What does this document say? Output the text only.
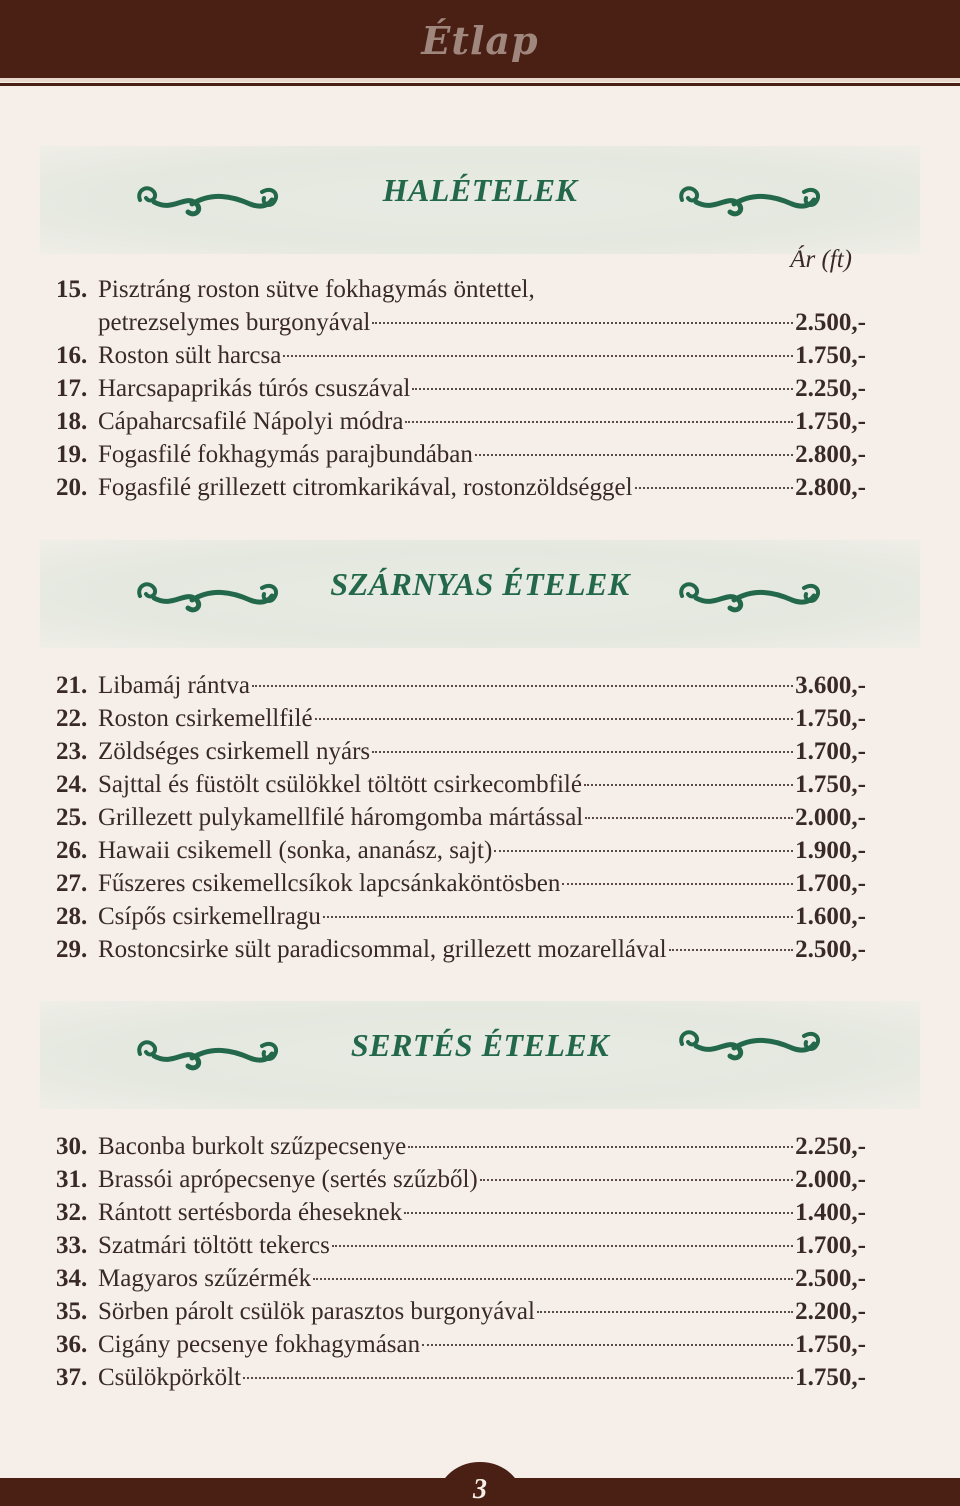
Étlap
HALÉTELEK
Ár (ft)
15. Pisztráng roston sütve fokhagymás öntettel,
petrezselymes burgonyával	2.500,-
16. Roston sült harcsa	1.750,-
17. Harcsapaprikás túrós csuszával	2.250,-
18. Cápaharcsafilé Nápolyi módra	1.750,-
19. Fogasfilé fokhagymás parajbundában	2.800,-
20. Fogasfilé grillezett citromkarikával, rostonzöldséggel	2.800,-
SZÁRNYAS ÉTELEK
21. Libamáj rántva	3.600,-
22. Roston csirkemellfilé	1.750,-
23. Zöldséges csirkemell nyárs	1.700,-
24. Sajttal és füstölt csülökkel töltött csirkecombfilé	1.750,-
25. Grillezett pulykamellfilé háromgomba mártással	2.000,-
26. Hawaii csikemell (sonka, ananász, sajt)	1.900,-
27. Fűszeres csikemellcsíkok lapcsánkaköntösben	1.700,-
28. Csípős csirkemellragu	1.600,-
29. Rostoncsirke sült paradicsommal, grillezett mozarellával	2.500,-
SERTÉS ÉTELEK
30. Baconba burkolt szűzpecsenye	2.250,-
31. Brassói aprópecsenye (sertés szűzből)	2.000,-
32. Rántott sertésborda éheseknek	1.400,-
33. Szatmári töltött tekercs	1.700,-
34. Magyaros szűzérmék	2.500,-
35. Sörben párolt csülök parasztos burgonyával	2.200,-
36. Cigány pecsenye fokhagymásan	1.750,-
37. Csülökpörkölt	1.750,-
3
